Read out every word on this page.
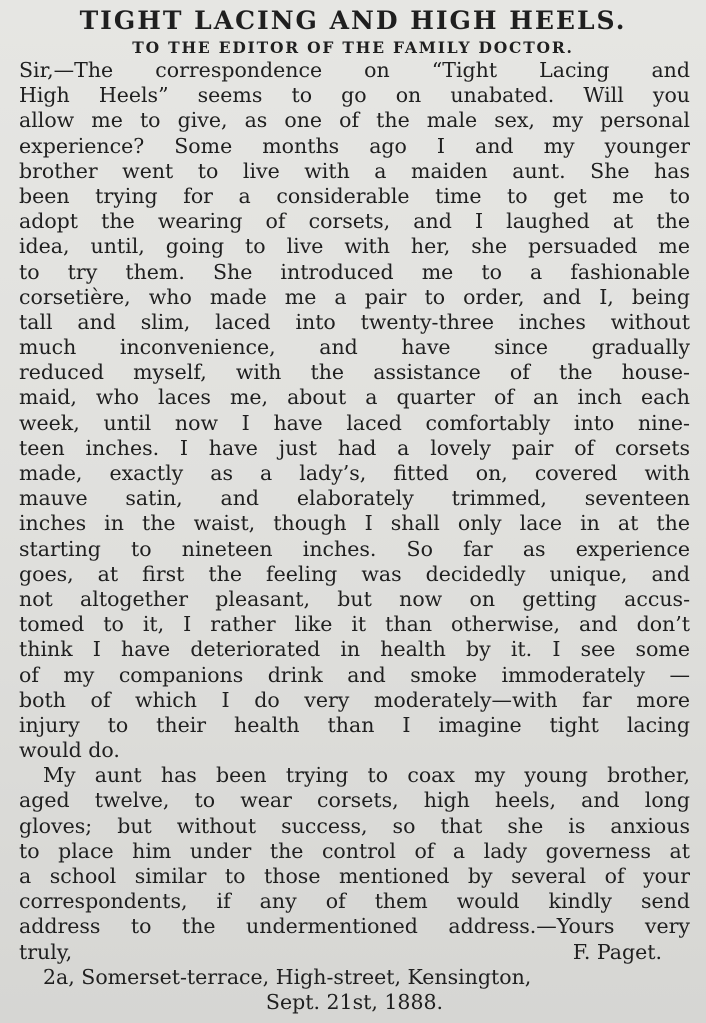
TIGHT LACING AND HIGH HEELS.
TO THE EDITOR OF THE FAMILY DOCTOR.
Sir,—The correspondence on “Tight Lacing and
High Heels” seems to go on unabated. Will you
allow me to give, as one of the male sex, my personal
experience? Some months ago I and my younger
brother went to live with a maiden aunt. She has
been trying for a considerable time to get me to
adopt the wearing of corsets, and I laughed at the
idea, until, going to live with her, she persuaded me
to try them. She introduced me to a fashionable
corsetière, who made me a pair to order, and I, being
tall and slim, laced into twenty-three inches without
much inconvenience, and have since gradually
reduced myself, with the assistance of the house-
maid, who laces me, about a quarter of an inch each
week, until now I have laced comfortably into nine-
teen inches. I have just had a lovely pair of corsets
made, exactly as a lady’s, fitted on, covered with
mauve satin, and elaborately trimmed, seventeen
inches in the waist, though I shall only lace in at the
starting to nineteen inches. So far as experience
goes, at first the feeling was decidedly unique, and
not altogether pleasant, but now on getting accus-
tomed to it, I rather like it than otherwise, and don’t
think I have deteriorated in health by it. I see some
of my companions drink and smoke immoderately —
both of which I do very moderately—with far more
injury to their health than I imagine tight lacing
would do.
My aunt has been trying to coax my young brother,
aged twelve, to wear corsets, high heels, and long
gloves; but without success, so that she is anxious
to place him under the control of a lady governess at
a school similar to those mentioned by several of your
correspondents, if any of them would kindly send
address to the undermentioned address.—Yours very
truly,	F. Paget.
2a, Somerset-terrace, High-street, Kensington,
Sept. 21st, 1888.
